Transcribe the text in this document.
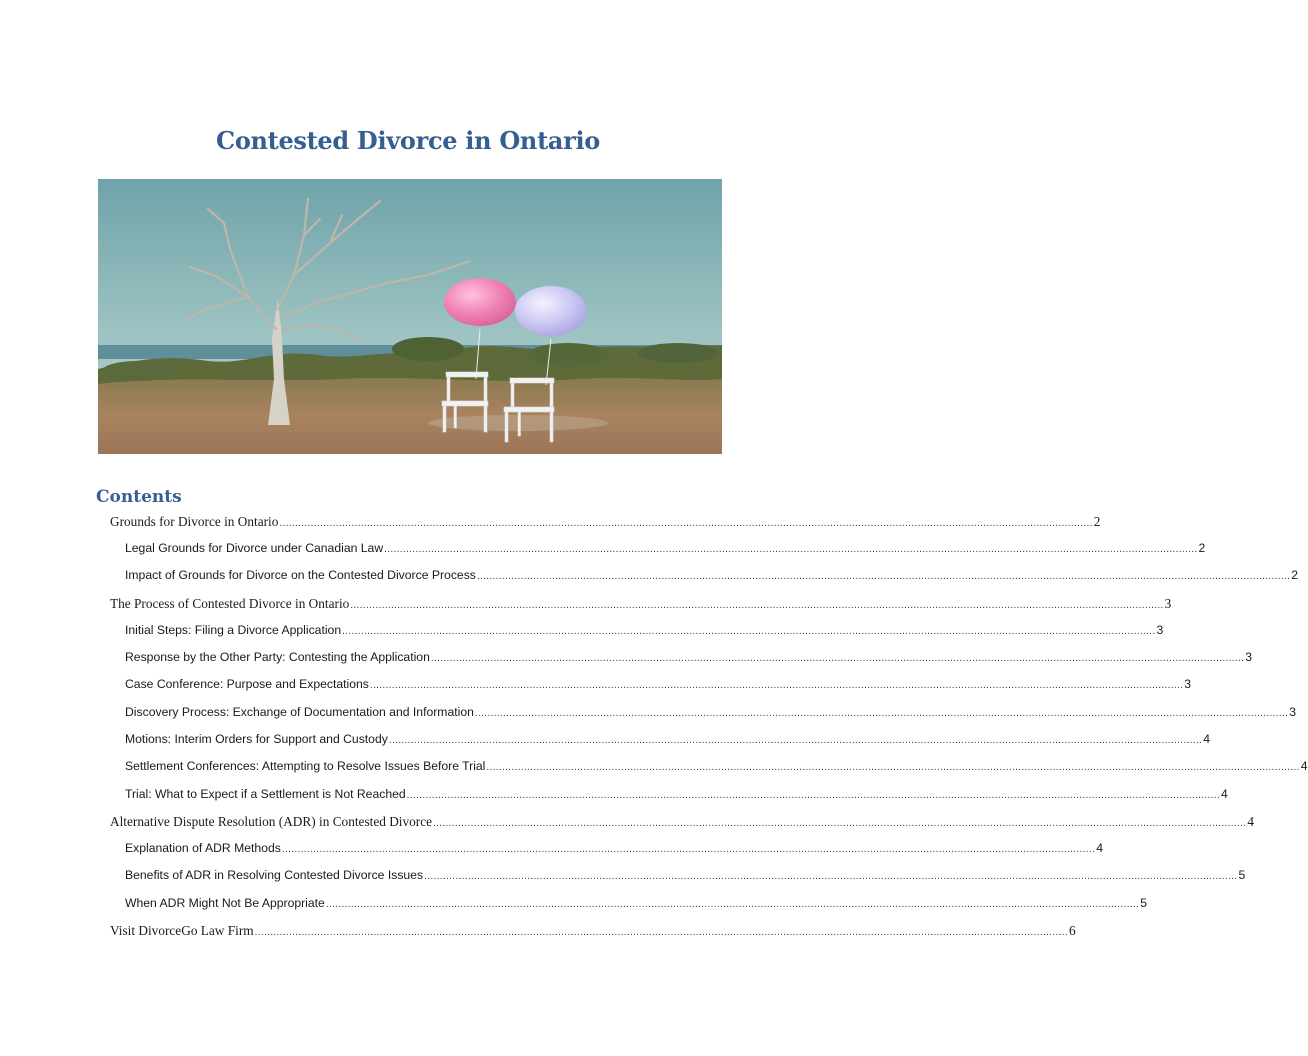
Contested Divorce in Ontario
Contents
Grounds for Divorce in Ontario .................................................................................................................................................................................................................................................................... 2
Legal Grounds for Divorce under Canadian Law .................................................................................................................................................................................................................................................................... 2
Impact of Grounds for Divorce on the Contested Divorce Process .................................................................................................................................................................................................................................................................... 2
The Process of Contested Divorce in Ontario .................................................................................................................................................................................................................................................................... 3
Initial Steps: Filing a Divorce Application .................................................................................................................................................................................................................................................................... 3
Response by the Other Party: Contesting the Application .................................................................................................................................................................................................................................................................... 3
Case Conference: Purpose and Expectations .................................................................................................................................................................................................................................................................... 3
Discovery Process: Exchange of Documentation and Information .................................................................................................................................................................................................................................................................... 3
Motions: Interim Orders for Support and Custody .................................................................................................................................................................................................................................................................... 4
Settlement Conferences: Attempting to Resolve Issues Before Trial .................................................................................................................................................................................................................................................................... 4
Trial: What to Expect if a Settlement is Not Reached .................................................................................................................................................................................................................................................................... 4
Alternative Dispute Resolution (ADR) in Contested Divorce .................................................................................................................................................................................................................................................................... 4
Explanation of ADR Methods .................................................................................................................................................................................................................................................................... 4
Benefits of ADR in Resolving Contested Divorce Issues .................................................................................................................................................................................................................................................................... 5
When ADR Might Not Be Appropriate .................................................................................................................................................................................................................................................................... 5
Visit DivorceGo Law Firm .................................................................................................................................................................................................................................................................... 6
